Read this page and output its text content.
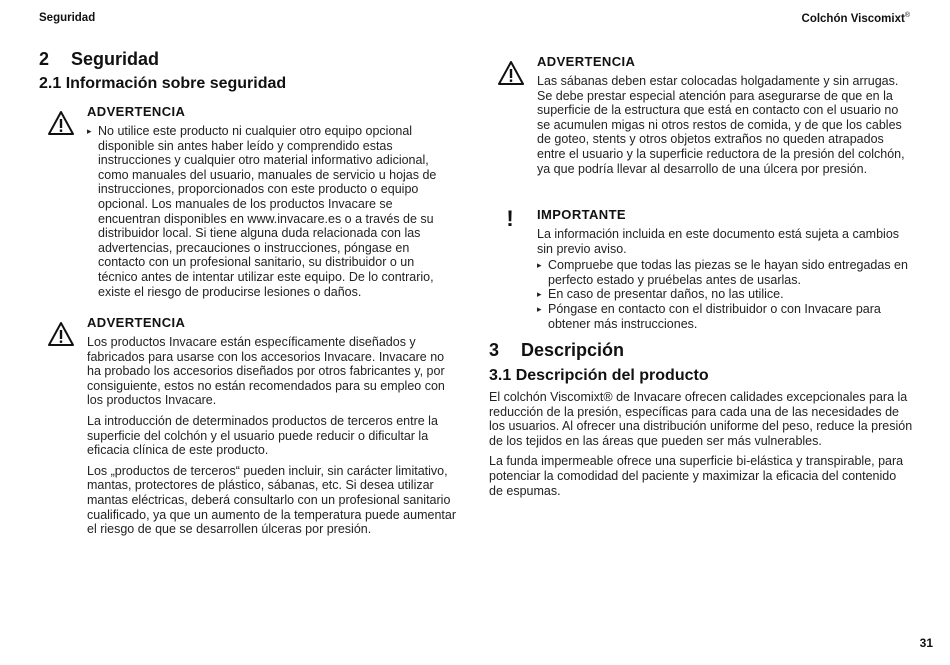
Seguridad	Colchón Viscomixt®
2 Seguridad
2.1 Información sobre seguridad
ADVERTENCIA

▸ No utilice este producto ni cualquier otro equipo opcional disponible sin antes haber leído y comprendido estas instrucciones y cualquier otro material informativo adicional, como manuales del usuario, manuales de servicio u hojas de instrucciones, proporcionados con este producto o equipo opcional. Los manuales de los productos Invacare se encuentran disponibles en www.invacare.es o a través de su distribuidor local. Si tiene alguna duda relacionada con las advertencias, precauciones o instrucciones, póngase en contacto con un profesional sanitario, su distribuidor o un técnico antes de intentar utilizar este equipo. De lo contrario, existe el riesgo de producirse lesiones o daños.

ADVERTENCIA

Los productos Invacare están específicamente diseñados y fabricados para usarse con los accesorios Invacare. Invacare no ha probado los accesorios diseñados por otros fabricantes y, por consiguiente, estos no están recomendados para su empleo con los productos Invacare.

La introducción de determinados productos de terceros entre la superficie del colchón y el usuario puede reducir o dificultar la eficacia clínica de este producto.

Los „productos de terceros“ pueden incluir, sin carácter limitativo, mantas, protectores de plástico, sábanas, etc. Si desea utilizar mantas eléctricas, deberá consultarlo con un profesional sanitario cualificado, ya que un aumento de la temperatura puede aumentar el riesgo de que se desarrollen úlceras por presión.

ADVERTENCIA

Las sábanas deben estar colocadas holgadamente y sin arrugas. Se debe prestar especial atención para asegurarse de que en la superficie de la estructura que está en contacto con el usuario no se acumulen migas ni otros restos de comida, y de que los cables de goteo, stents y otros objetos extraños no queden atrapados entre el usuario y la superficie reductora de la presión del colchón, ya que podría llevar al desarrollo de una úlcera por presión.

!	IMPORTANTE

La información incluida en este documento está sujeta a cambios sin previo aviso.

▸ Compruebe que todas las piezas se le hayan sido entregadas en perfecto estado y pruébelas antes de usarlas.

▸ En caso de presentar daños, no las utilice.

▸ Póngase en contacto con el distribuidor o con Invacare para obtener más instrucciones.

3 Descripción
3.1 Descripción del producto

El colchón Viscomixt® de Invacare ofrecen calidades excepcionales para la reducción de la presión, específicas para cada una de las necesidades de los usuarios. Al ofrecer una distribución uniforme del peso, reduce la presión de los tejidos en las áreas que pueden ser más vulnerables.

La funda impermeable ofrece una superficie bi-elástica y transpirable, para potenciar la comodidad del paciente y maximizar la eficacia del contenido de espumas.

31
